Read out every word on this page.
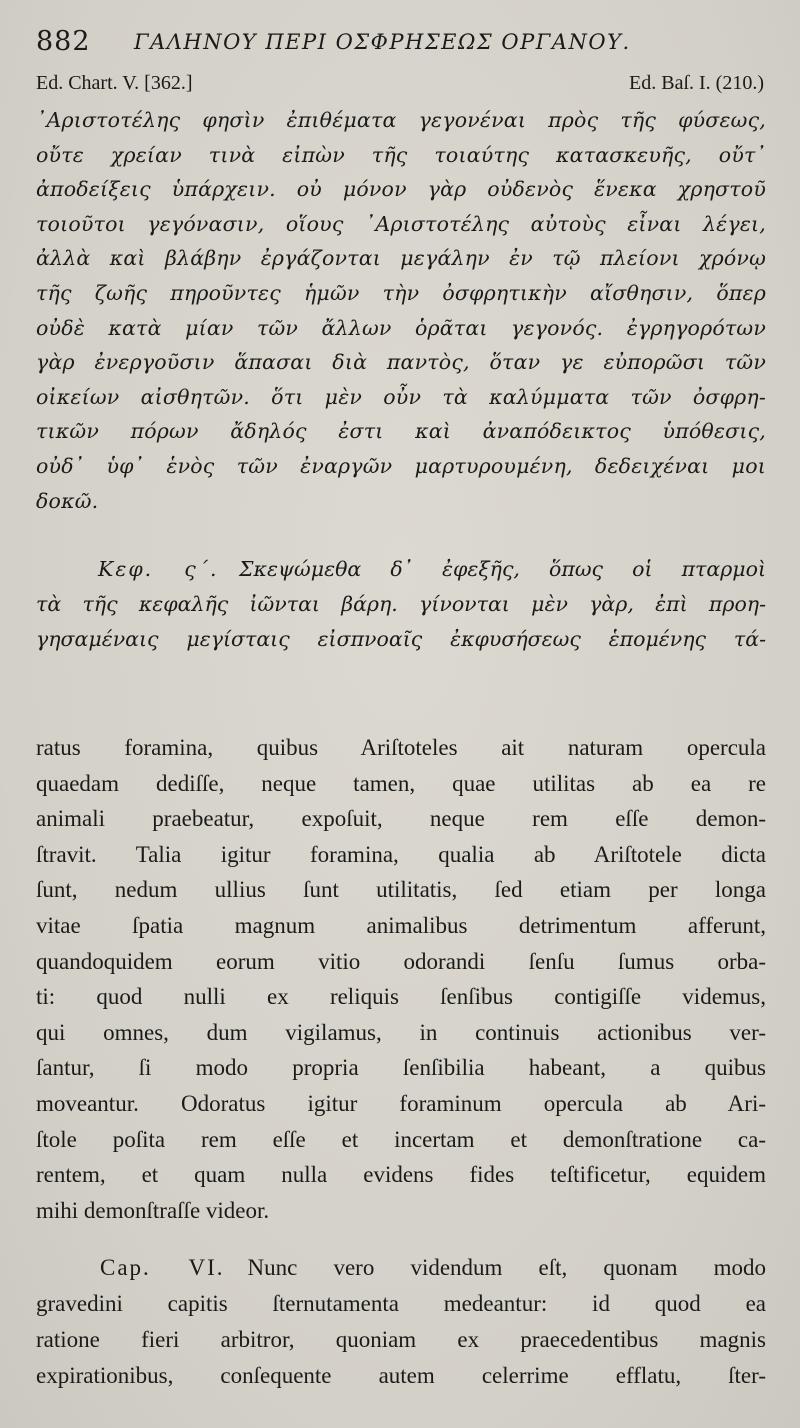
882 ΓΑΛΗΝΟΥ ΠΕΡΙ ΟΣΦΡΗΣΕΩΣ ΟΡΓΑΝΟΥ.
Ed. Chart. V. [362.]	Ed. Baſ. I. (210.)
᾿Αριστοτέλης φησὶν ἐπιθέματα γεγονέναι πρὸς τῆς φύσεως,
οὔτε χρείαν τινὰ εἰπὼν τῆς τοιαύτης κατασκευῆς, οὔτ᾿
ἀποδείξεις ὑπάρχειν. οὐ μόνον γὰρ οὐδενὸς ἕνεκα χρηστοῦ
τοιοῦτοι γεγόνασιν, οἵους ᾿Αριστοτέλης αὐτοὺς εἶναι λέγει,
ἀλλὰ καὶ βλάβην ἐργάζονται μεγάλην ἐν τῷ πλείονι χρόνῳ
τῆς ζωῆς πηροῦντες ἡμῶν τὴν ὀσφρητικὴν αἴσθησιν, ὅπερ
οὐδὲ κατὰ μίαν τῶν ἄλλων ὁρᾶται γεγονός. ἐγρηγορότων
γὰρ ἐνεργοῦσιν ἅπασαι διὰ παντὸς, ὅταν γε εὐπορῶσι τῶν
οἰκείων αἰσθητῶν. ὅτι μὲν οὖν τὰ καλύμματα τῶν ὀσφρη-
τικῶν πόρων ἄδηλός ἐστι καὶ ἀναπόδεικτος ὑπόθεσις,
οὐδ᾿ ὑφ᾿ ἑνὸς τῶν ἐναργῶν μαρτυρουμένη, δεδειχέναι μοι
δοκῶ.
Κεφ. ς΄.  Σκεψώμεθα δ᾿ ἐφεξῆς, ὅπως οἱ πταρμοὶ
τὰ τῆς κεφαλῆς ἰῶνται βάρη. γίνονται μὲν γὰρ, ἐπὶ προη-
γησαμέναις μεγίσταις εἰσπνοαῖς ἐκφυσήσεως ἑπομένης τά-
ratus foramina, quibus Ariſtoteles ait naturam opercula
quaedam dediſſe, neque tamen, quae utilitas ab ea re
animali praebeatur, expoſuit, neque rem eſſe demon-
ſtravit. Talia igitur foramina, qualia ab Ariſtotele dicta
ſunt, nedum ullius ſunt utilitatis, ſed etiam per longa
vitae ſpatia magnum animalibus detrimentum afferunt,
quandoquidem eorum vitio odorandi ſenſu ſumus orba-
ti: quod nulli ex reliquis ſenſibus contigiſſe videmus,
qui omnes, dum vigilamus, in continuis actionibus ver-
ſantur, ſi modo propria ſenſibilia habeant, a quibus
moveantur. Odoratus igitur foraminum opercula ab Ari-
ſtole poſita rem eſſe et incertam et demonſtratione ca-
rentem, et quam nulla evidens fides teſtificetur, equidem
mihi demonſtraſſe videor.
Cap. VI.  Nunc vero videndum eſt, quonam modo
gravedini capitis ſternutamenta medeantur: id quod ea
ratione fieri arbitror, quoniam ex praecedentibus magnis
expirationibus, conſequente autem celerrime efflatu, ſter-
